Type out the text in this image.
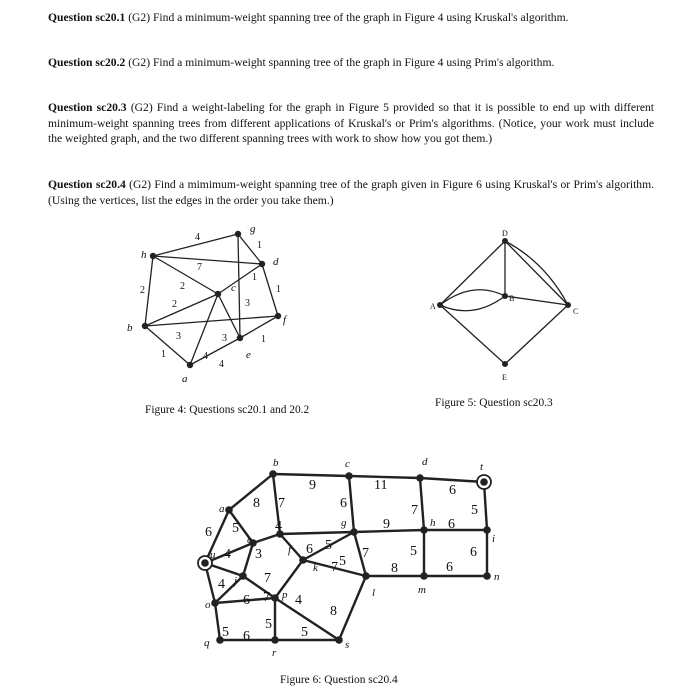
Question sc20.1 (G2) Find a minimum-weight spanning tree of the graph in Figure 4 using Kruskal's algorithm.
Question sc20.2 (G2) Find a minimum-weight spanning tree of the graph in Figure 4 using Prim's algorithm.
Question sc20.3 (G2) Find a weight-labeling for the graph in Figure 5 provided so that it is possible to end up with different minimum-weight spanning trees from different applications of Kruskal's or Prim's algorithms. (Notice, your work must include the weighted graph, and the two different spanning trees with work to show how you got them.)
Question sc20.4 (G2) Find a mimimum-weight spanning tree of the graph given in Figure 6 using Kruskal's or Prim's algorithm. (Using the vertices, list the edges in the order you take them.)
h
g
d
c
f
b
a
e
4
1
7
2
1
2
2
1
3
3	3
1
1
4
4
Figure 4: Questions sc20.1 and 20.2
D
A
B
C
E
Figure 5: Question sc20.3
b	c	d	t
a
e
f
g	h
i
u
j
k
l	m
n
o
p
q
r
s
9	11	6
8 7	6	5
4	9
7
6
6 5
6 5
4 3	6
5
7 5	6
4	7
7
8
7 4
6
8
5 6
5
5
Figure 6: Question sc20.4
